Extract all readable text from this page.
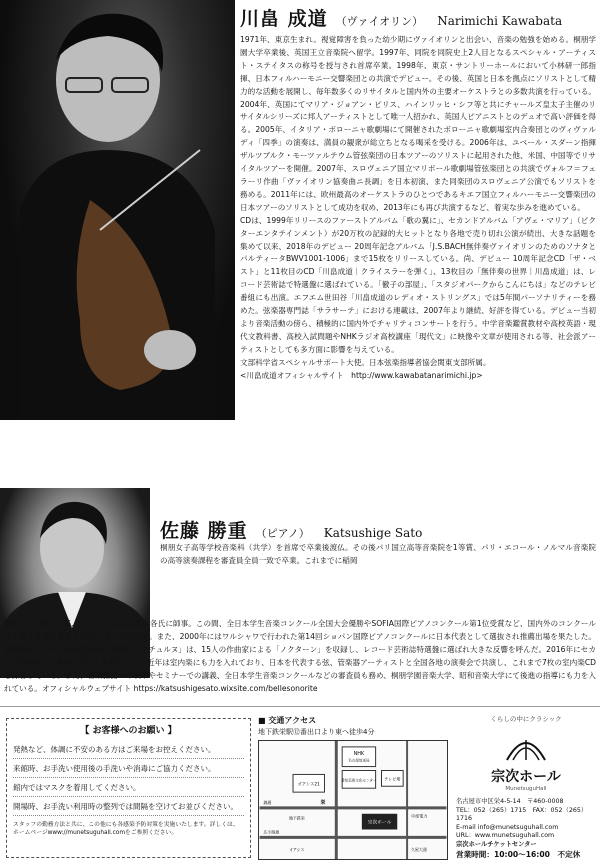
川畠 成道 （ヴァイオリン） Narimichi Kawabata

1971年、東京生まれ。視覚障害を負った幼少期にヴァイオリンと出会い、音楽の勉強を始める。桐朋学園大学卒業後、英国王立音楽院へ留学。1997年、同院を同院史上2人目となるスペシャル・アーティスト・ステイタスの称号を授与され首席卒業。1998年、東京・サントリーホールにおいて小林研一郎指揮、日本フィルハーモニー交響楽団との共演でデビュー。その後、英国と日本を拠点にソリストとして精力的な活動を展開し、毎年数多くのリサイタルと国内外の主要オーケストラとの多数共演を行っている。2004年、英国にてマリア・ジョアン・ピリス、ハインリッヒ・シフ等と共にチャールズ皇太子主催のリサイタルシリーズに邦人アーティストとして唯一人招かれ、英国人ピアニストとのデュオで高い評価を得る。2005年、イタリア・ボローニャ歌劇場にて開催されたボローニャ歌劇場室内合奏団とのヴィヴァルディ「四季」の演奏は、満員の観衆が総立ちとなる喝采を受ける。2006年は、ユベール・スダーン指揮ザルツブルク・モーツァルテウム管弦楽団の日本ツアーのソリストに起用された他、米国、中国等でリサイタルツアーを開催。2007年、スロヴェニア国立マリボール歌劇場管弦楽団との共演でヴォルフ＝フェラーリ作曲「ヴァイオリン協奏曲ニ長調」を日本初演、また同楽団のスロヴェニア公演でもソリストを務める。2011年には、欧州最高のオーケストラのひとつであるキエフ国立フィルハーモニー交響楽団の日本ツアーのソリストとして成功を収め、2013年にも再び共演するなど、着実な歩みを進めている。

CDは、1999年リリースのファーストアルバム「歌の翼に」、セカンドアルバム「アヴェ・マリア」（ビクターエンタテインメント）が20万枚の記録的大ヒットとなり各地で売り切れ公演が続出、大きな話題を集めて以来、2018年のデビュー 20周年記念アルバム「J.S.BACH無伴奏ヴァイオリンのためのソナタとパルティータBWV1001-1006」まで15枚をリリースしている。尚、デビュー 10周年記念CD「ザ・ベスト」と11枚目のCD「川畠成道｜クライスラーを弾く」、13枚目の「無伴奏の世界｜川畠成道」は、レコード芸術誌で特選盤に選ばれている。「徹子の部屋」、「スタジオパークからこんにちは」などのテレビ番組にも出演。エフエム世田谷「川畠成道のレディオ・ストリングス」では5年間パーソナリティーを務めた。弦楽器専門誌「サラサーテ」における連載は、2007年より継続、好評を得ている。デビュー当初より音楽活動の傍ら、積極的に国内外でチャリティコンサートを行う。中学音楽鑑賞教材や高校英語・現代文教科書、高校入試問題やNHKラジオ高校講座「現代文」に映像や文章が使用される等、社会派アーティストとしても多方面に影響を与えている。

文部科学省スペシャルサポート大使。日本弦楽指導者協会関東支部所属。

<川畠成道オフィシャルサイト　http://www.kawabatanarimichi.jp>

佐藤 勝重 （ピアノ） Katsushige Sato
桐朋女子高等学校音楽科（共学）を首席で卒業後渡仏。その後パリ国立高等音楽院を1等賞、パリ・エコール・ノルマル音楽院の高等演奏課程を審査員全員一致で卒業。これまでに稲岡
享子、江戸弘子、G.フレミー、G.ムニエの各氏に師事。この間、全日本学生音楽コンクール全国大会優勝やSOFIA国際ピアノコンクール第1位受賞など、国内外のコンクールに入賞する傍ら数多くのコンサートに出演。また、2000年にはワルシャワで行われた第14回ショパン国際ピアノコンクールに日本代表として選抜され推薦出場を果たした。2012年にリリースされた初ソロCD「ノクチュルヌ」は、15人の作曲家による「ノクターン」を収録し、レコード芸術誌特選盤に選ばれ大きな反響を呼んだ。2016年にセカンドアルバム「オマージュ」をリリース。近年は室内楽にも力を入れており、日本を代表する弦、管楽器アーティストと全国各地の演奏会で共演し、これまで7枚の室内楽CDを録音している。また、音楽雑誌への執筆やセミナーでの講義、全日本学生音楽コンクールなどの審査員も務め、桐朋学園音楽大学、昭和音楽大学にて後進の指導にも力を入れている。オフィシャルウェブサイト https://katsushigesato.wixsite.com/bellesonorite
【 お客様へのお願い 】
発熱など、体調に不安のある方はご来場をお控えください。
来館時、お手洗い使用後の手洗いや消毒にご協力ください。
館内ではマスクを着用してください。
開場時、お手洗い利用時の整列では間隔を空けてお並びください。
スタッフの勤務方法と共に、この他にも各感染予防対策を実施いたします。詳しくは、ホームページwww://munetsuguhall.comをご参照ください。
■ 交通アクセス
地下鉄栄駅⑫番出口より東へ徒歩4分
NHK
名古屋放送局
愛知芸術文化センター
オアシス21
テレビ塔
栄
錦通
広小路通
地下鉄栄
宗次ホール
中部電力
久屋大通
オアシス
くらしの中にクラシック
宗次ホール
MunetsuguHall
名古屋市中区栄4-5-14　〒460-0008
TEL：052（265）1715　FAX：052（265）1716
E-mail info@munetsuguhall.com
URL：www.munetsuguhall.com
宗次ホールチケットセンター
営業時間：10:00～16:00　不定休
